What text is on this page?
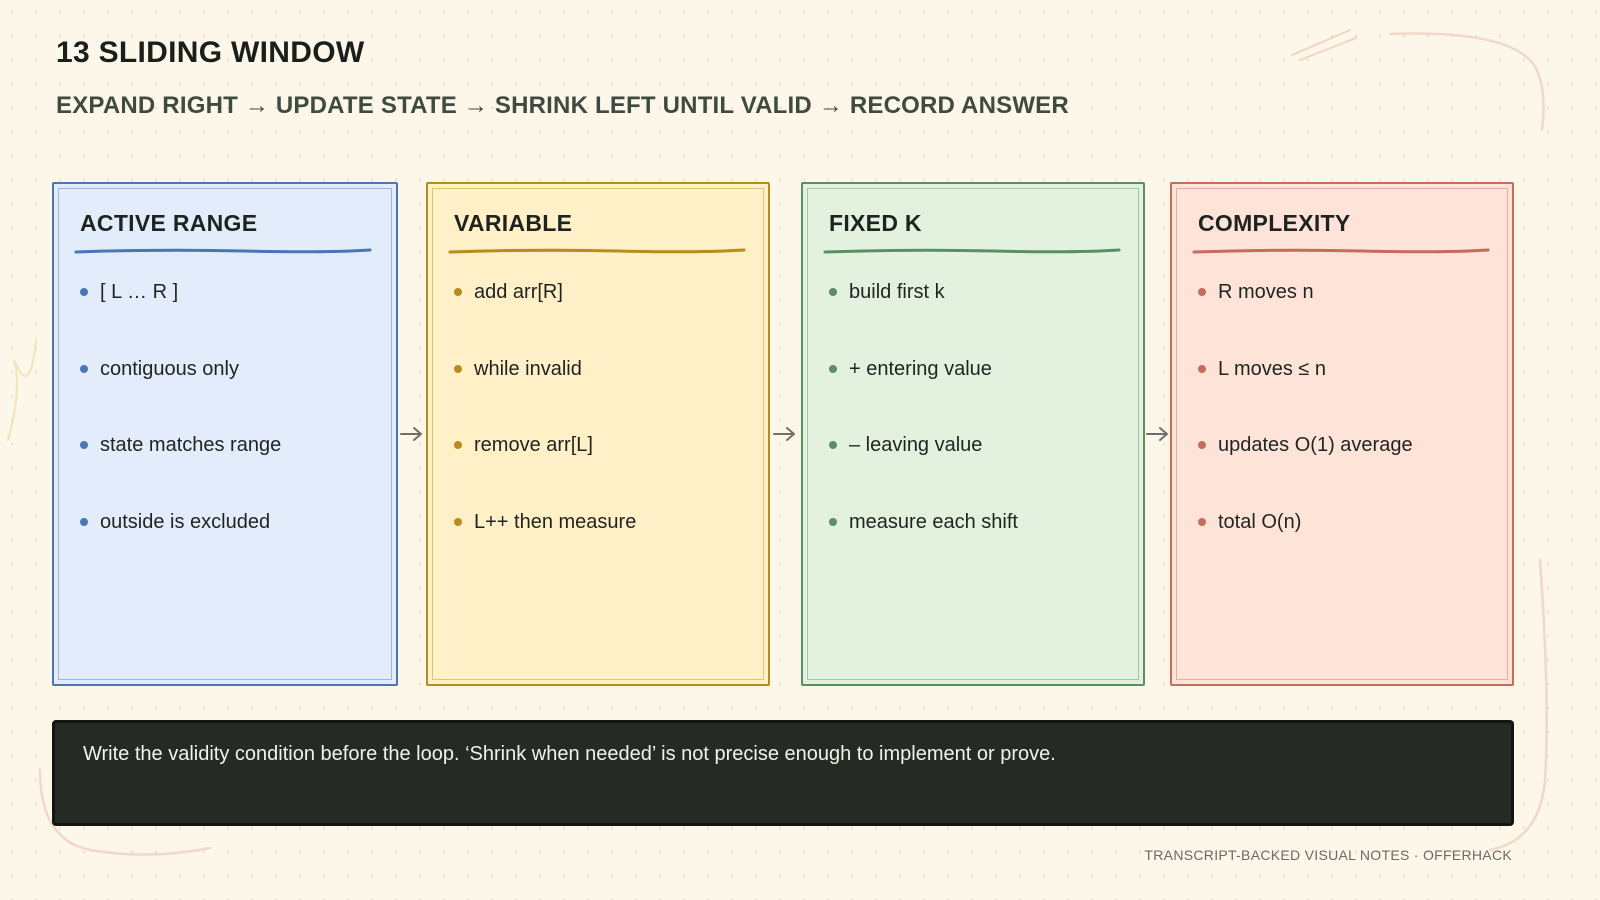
13 SLIDING WINDOW
EXPAND RIGHT → UPDATE STATE → SHRINK LEFT UNTIL VALID → RECORD ANSWER
ACTIVE RANGE
[ L … R ]
contiguous only
state matches range
outside is excluded
VARIABLE
add arr[R]
while invalid
remove arr[L]
L++ then measure
FIXED K
build first k
+ entering value
– leaving value
measure each shift
COMPLEXITY
R moves n
L moves ≤ n
updates O(1) average
total O(n)

Write the validity condition before the loop. ‘Shrink when needed’ is not precise enough to implement or prove.

TRANSCRIPT-BACKED VISUAL NOTES · OFFERHACK
